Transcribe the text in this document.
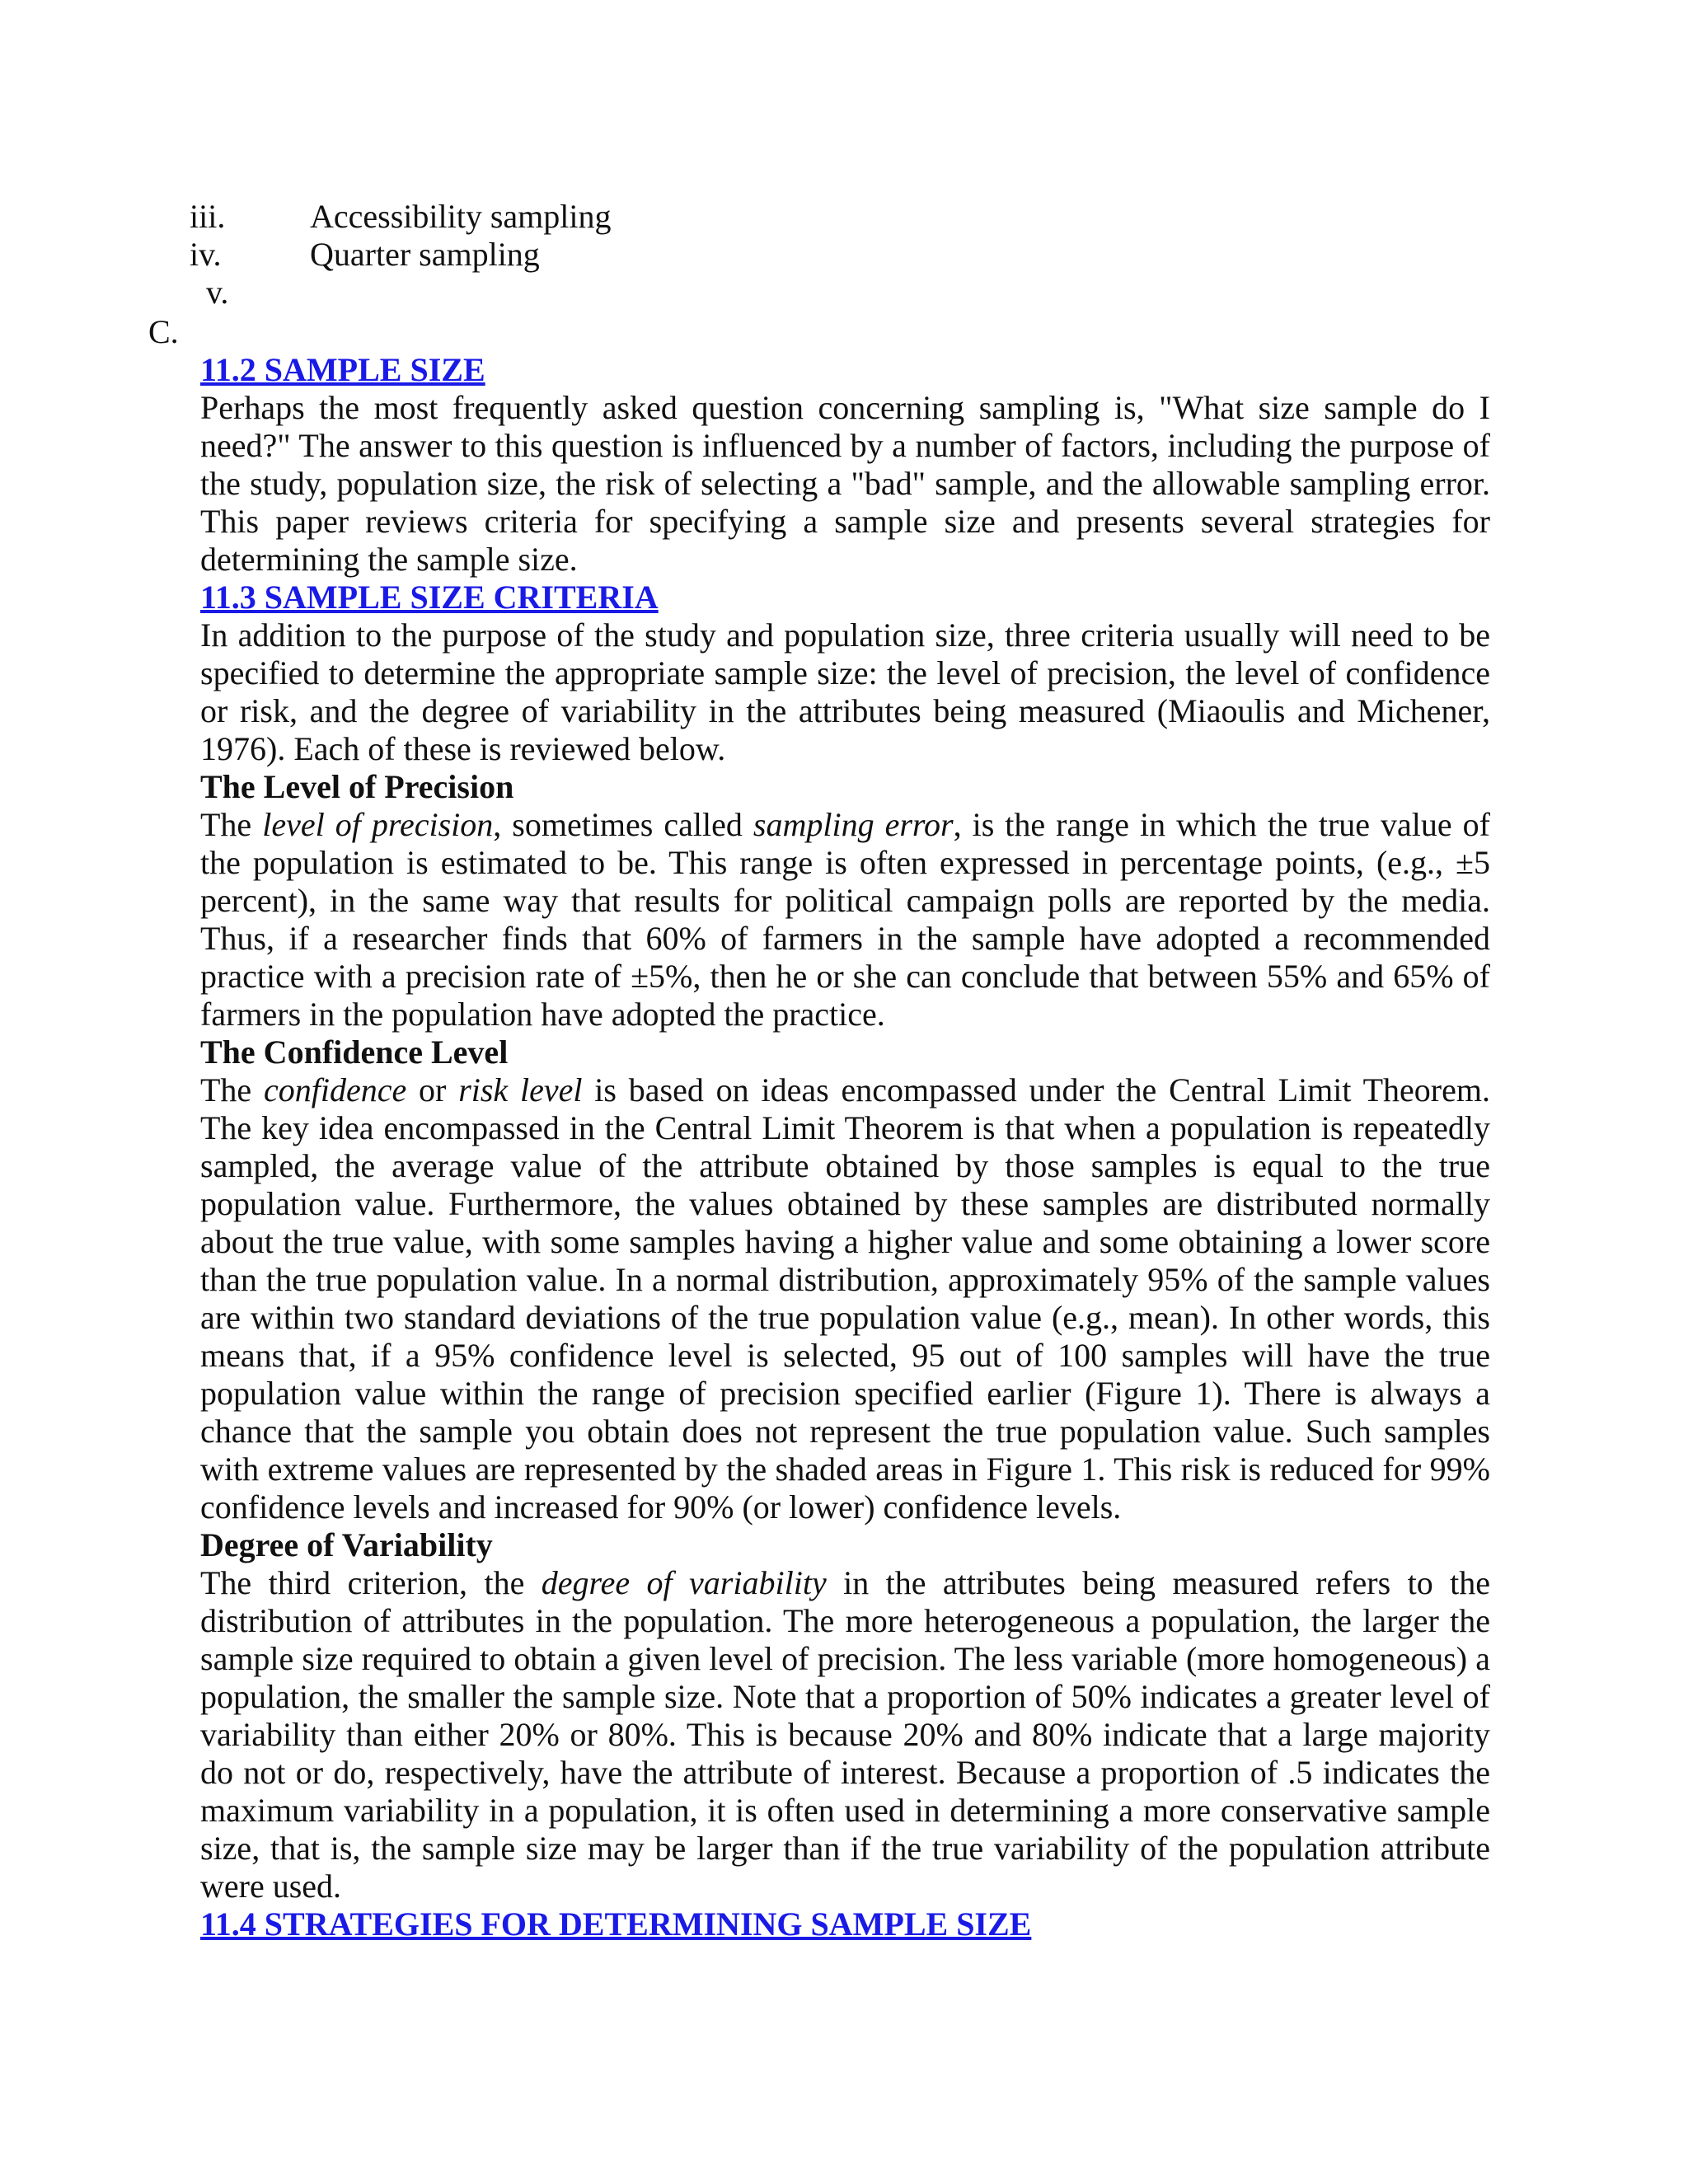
iii.	Accessibility sampling
iv.	Quarter sampling
v.
C.
11.2 SAMPLE SIZE

Perhaps the most frequently asked question concerning sampling is, "What size sample do I need?" The answer to this question is influenced by a number of factors, including the purpose of the study, population size, the risk of selecting a "bad" sample, and the allowable sampling error. This paper reviews criteria for specifying a sample size and presents several strategies for determining the sample size.

11.3 SAMPLE SIZE CRITERIA

In addition to the purpose of the study and population size, three criteria usually will need to be specified to determine the appropriate sample size: the level of precision, the level of confidence or risk, and the degree of variability in the attributes being measured (Miaoulis and Michener, 1976). Each of these is reviewed below.

The Level of Precision

The level of precision, sometimes called sampling error, is the range in which the true value of the population is estimated to be. This range is often expressed in percentage points, (e.g., ±5 percent), in the same way that results for political campaign polls are reported by the media. Thus, if a researcher finds that 60% of farmers in the sample have adopted a recommended practice with a precision rate of ±5%, then he or she can conclude that between 55% and 65% of farmers in the population have adopted the practice.

The Confidence Level

The confidence or risk level is based on ideas encompassed under the Central Limit Theorem. The key idea encompassed in the Central Limit Theorem is that when a population is repeatedly sampled, the average value of the attribute obtained by those samples is equal to the true population value. Furthermore, the values obtained by these samples are distributed normally about the true value, with some samples having a higher value and some obtaining a lower score than the true population value. In a normal distribution, approximately 95% of the sample values are within two standard deviations of the true population value (e.g., mean). In other words, this means that, if a 95% confidence level is selected, 95 out of 100 samples will have the true population value within the range of precision specified earlier (Figure 1). There is always a chance that the sample you obtain does not represent the true population value. Such samples with extreme values are represented by the shaded areas in Figure 1. This risk is reduced for 99% confidence levels and increased for 90% (or lower) confidence levels.

Degree of Variability

The third criterion, the degree of variability in the attributes being measured refers to the distribution of attributes in the population. The more heterogeneous a population, the larger the sample size required to obtain a given level of precision. The less variable (more homogeneous) a population, the smaller the sample size. Note that a proportion of 50% indicates a greater level of variability than either 20% or 80%. This is because 20% and 80% indicate that a large majority do not or do, respectively, have the attribute of interest. Because a proportion of .5 indicates the maximum variability in a population, it is often used in determining a more conservative sample size, that is, the sample size may be larger than if the true variability of the population attribute were used.

11.4 STRATEGIES FOR DETERMINING SAMPLE SIZE
